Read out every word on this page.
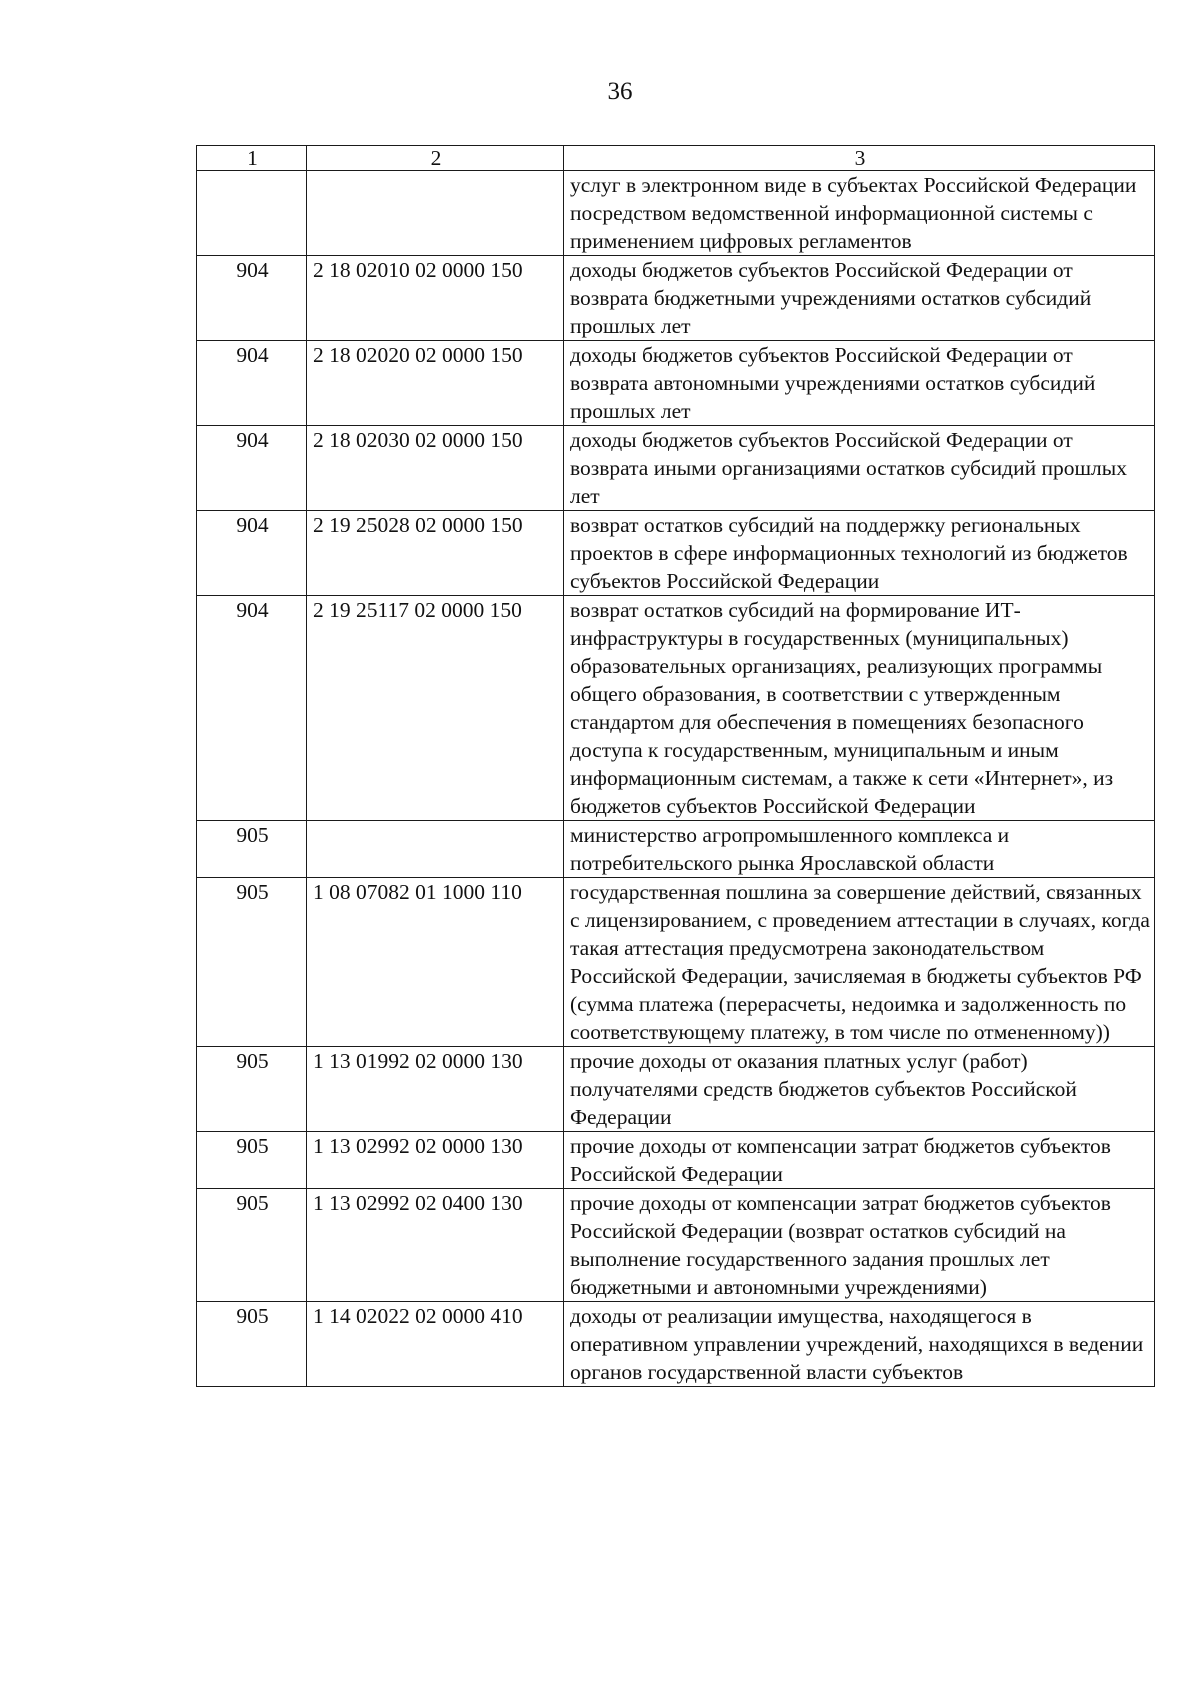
36
1	2	3
		услуг в электронном виде в субъектах Российской Федерации посредством ведомственной информационной системы с применением цифровых регламентов
904	2 18 02010 02 0000 150	доходы бюджетов субъектов Российской Федерации от возврата бюджетными учреждениями остатков субсидий прошлых лет
904	2 18 02020 02 0000 150	доходы бюджетов субъектов Российской Федерации от возврата автономными учреждениями остатков субсидий прошлых лет
904	2 18 02030 02 0000 150	доходы бюджетов субъектов Российской Федерации от возврата иными организациями остатков субсидий прошлых лет
904	2 19 25028 02 0000 150	возврат остатков субсидий на поддержку региональных проектов в сфере информационных технологий из бюджетов субъектов Российской Федерации
904	2 19 25117 02 0000 150	возврат остатков субсидий на формирование ИТ-инфраструктуры в государственных (муниципальных) образовательных организациях, реализующих программы общего образования, в соответствии с утвержденным стандартом для обеспечения в помещениях безопасного доступа к государственным, муниципальным и иным информационным системам, а также к сети «Интернет», из бюджетов субъектов Российской Федерации
905		министерство агропромышленного комплекса и потребительского рынка Ярославской области
905	1 08 07082 01 1000 110	государственная пошлина за совершение действий, связанных с лицензированием, с проведением аттестации в случаях, когда такая аттестация предусмотрена законодательством Российской Федерации, зачисляемая в бюджеты субъектов РФ (сумма платежа (перерасчеты, недоимка и задолженность по соответствующему платежу, в том числе по отмененному))
905	1 13 01992 02 0000 130	прочие доходы от оказания платных услуг (работ) получателями средств бюджетов субъектов Российской Федерации
905	1 13 02992 02 0000 130	прочие доходы от компенсации затрат бюджетов субъектов Российской Федерации
905	1 13 02992 02 0400 130	прочие доходы от компенсации затрат бюджетов субъектов Российской Федерации (возврат остатков субсидий на выполнение государственного задания прошлых лет бюджетными и автономными учреждениями)
905	1 14 02022 02 0000 410	доходы от реализации имущества, находящегося в оперативном управлении учреждений, находящихся в ведении органов государственной власти субъектов
